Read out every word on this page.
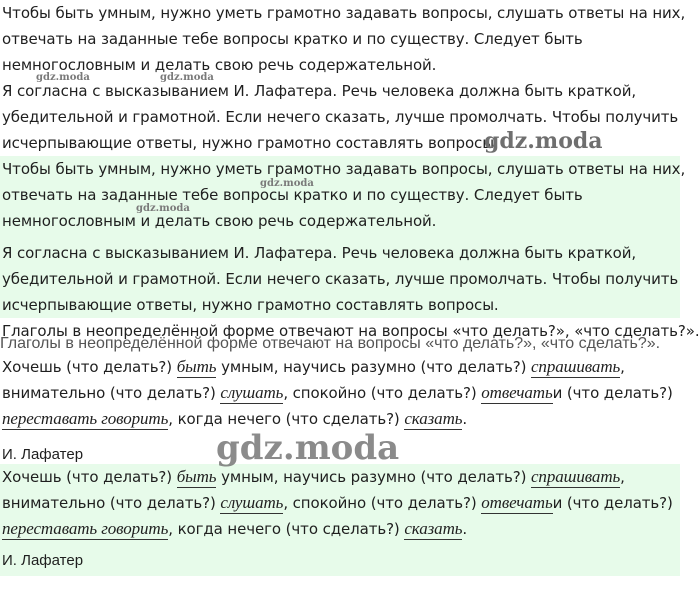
Чтобы быть умным, нужно уметь грамотно задавать вопросы, слушать ответы на них,

отвечать на заданные тебе вопросы кратко и по существу. Следует быть

немногословным и делать свою речь содержательной.

Я согласна с высказыванием И. Лафатера. Речь человека должна быть краткой,

убедительной и грамотной. Если нечего сказать, лучше промолчать. Чтобы получить

исчерпывающие ответы, нужно грамотно составлять вопросы.

Чтобы быть умным, нужно уметь грамотно задавать вопросы, слушать ответы на них,

отвечать на заданные тебе вопросы кратко и по существу. Следует быть

немногословным и делать свою речь содержательной.

Я согласна с высказыванием И. Лафатера. Речь человека должна быть краткой,

убедительной и грамотной. Если нечего сказать, лучше промолчать. Чтобы получить

исчерпывающие ответы, нужно грамотно составлять вопросы.

Глаголы в неопределённой форме отвечают на вопросы «что делать?», «что сделать?».

Глаголы в неопределённой форме отвечают на вопросы «что делать?», «что сделать?».

Хочешь (что делать?) быть умным, научись разумно (что делать?) спрашивать,

внимательно (что делать?) слушать, спокойно (что делать?) отвечатьи (что делать?)

переставать говорить, когда нечего (что сделать?) сказать.

И. Лафатер

Хочешь (что делать?) быть умным, научись разумно (что делать?) спрашивать,

внимательно (что делать?) слушать, спокойно (что делать?) отвечатьи (что делать?)

переставать говорить, когда нечего (что сделать?) сказать.

И. Лафатер

gdz.moda	gdz.moda
gdz.moda
gdz.moda
gdz.moda
gdz.moda
